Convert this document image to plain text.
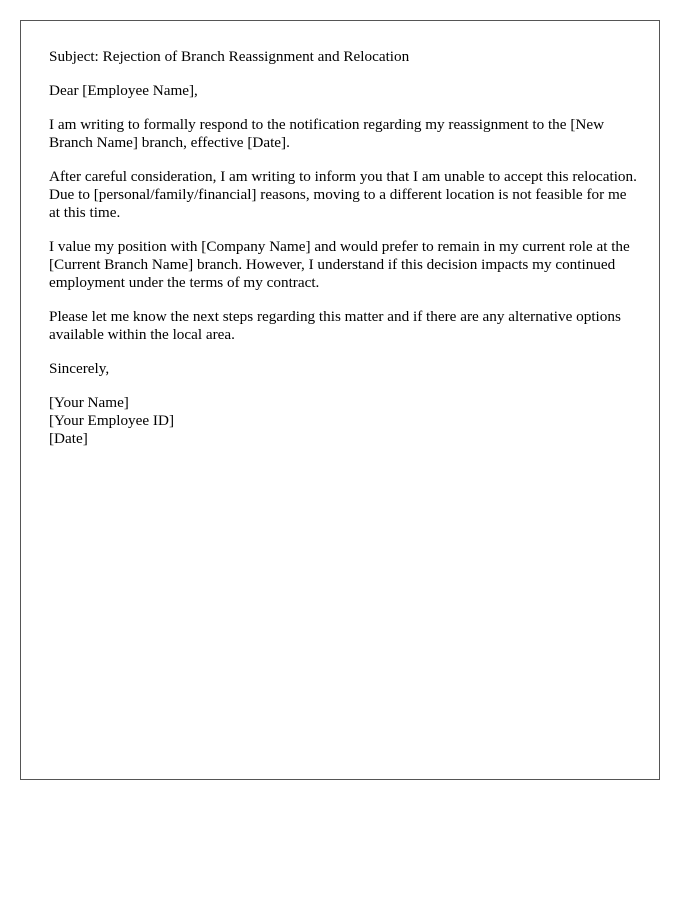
Subject: Rejection of Branch Reassignment and Relocation

Dear [Employee Name],

I am writing to formally respond to the notification regarding my reassignment to the [New Branch Name] branch, effective [Date].

After careful consideration, I am writing to inform you that I am unable to accept this relocation. Due to [personal/family/financial] reasons, moving to a different location is not feasible for me at this time.

I value my position with [Company Name] and would prefer to remain in my current role at the [Current Branch Name] branch. However, I understand if this decision impacts my continued employment under the terms of my contract.

Please let me know the next steps regarding this matter and if there are any alternative options available within the local area.

Sincerely,

[Your Name]
[Your Employee ID]
[Date]
